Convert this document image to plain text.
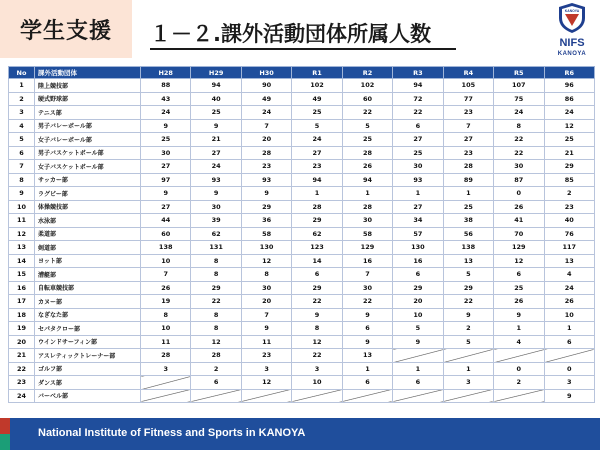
学生支援 １－２.課外活動団体所属人数
KANOYA
NIFS
KANOYA
No	課外活動団体	H28	H29	H30	R1	R2	R3	R4	R5	R6
1	陸上競技部	88	94	90	102	102	94	105	107	96
2	硬式野球部	43	40	49	49	60	72	77	75	86
3	テニス部	24	25	24	25	22	22	23	24	24
4	男子バレーボール部	9	9	7	5	5	6	7	8	12
5	女子バレーボール部	25	21	20	24	25	27	27	22	25
6	男子バスケットボール部	30	27	28	27	28	25	23	22	21
7	女子バスケットボール部	27	24	23	23	26	30	28	30	29
8	サッカー部	97	93	93	94	94	93	89	87	85
9	ラグビー部	9	9	9	1	1	1	1	0	2
10	体操競技部	27	30	29	28	28	27	25	26	23
11	水泳部	44	39	36	29	30	34	38	41	40
12	柔道部	60	62	58	62	58	57	56	70	76
13	剣道部	138	131	130	123	129	130	138	129	117
14	ヨット部	10	8	12	14	16	16	13	12	13
15	漕艇部	7	8	8	6	7	6	5	6	4
16	自転車競技部	26	29	30	29	30	29	29	25	24
17	カヌー部	19	22	20	22	22	20	22	26	26
18	なぎなた部	8	8	7	9	9	10	9	9	10
19	セパタクロー部	10	8	9	8	6	5	2	1	1
20	ウインドサーフィン部	11	12	11	12	9	9	5	4	6
21	アスレティックトレーナー部	28	28	23	22	13				
22	ゴルフ部	3	2	3	3	1	1	1	0	0
23	ダンス部		6	12	10	6	6	3	2	3
24	バーベル部									9
National Institute of Fitness and Sports in KANOYA
